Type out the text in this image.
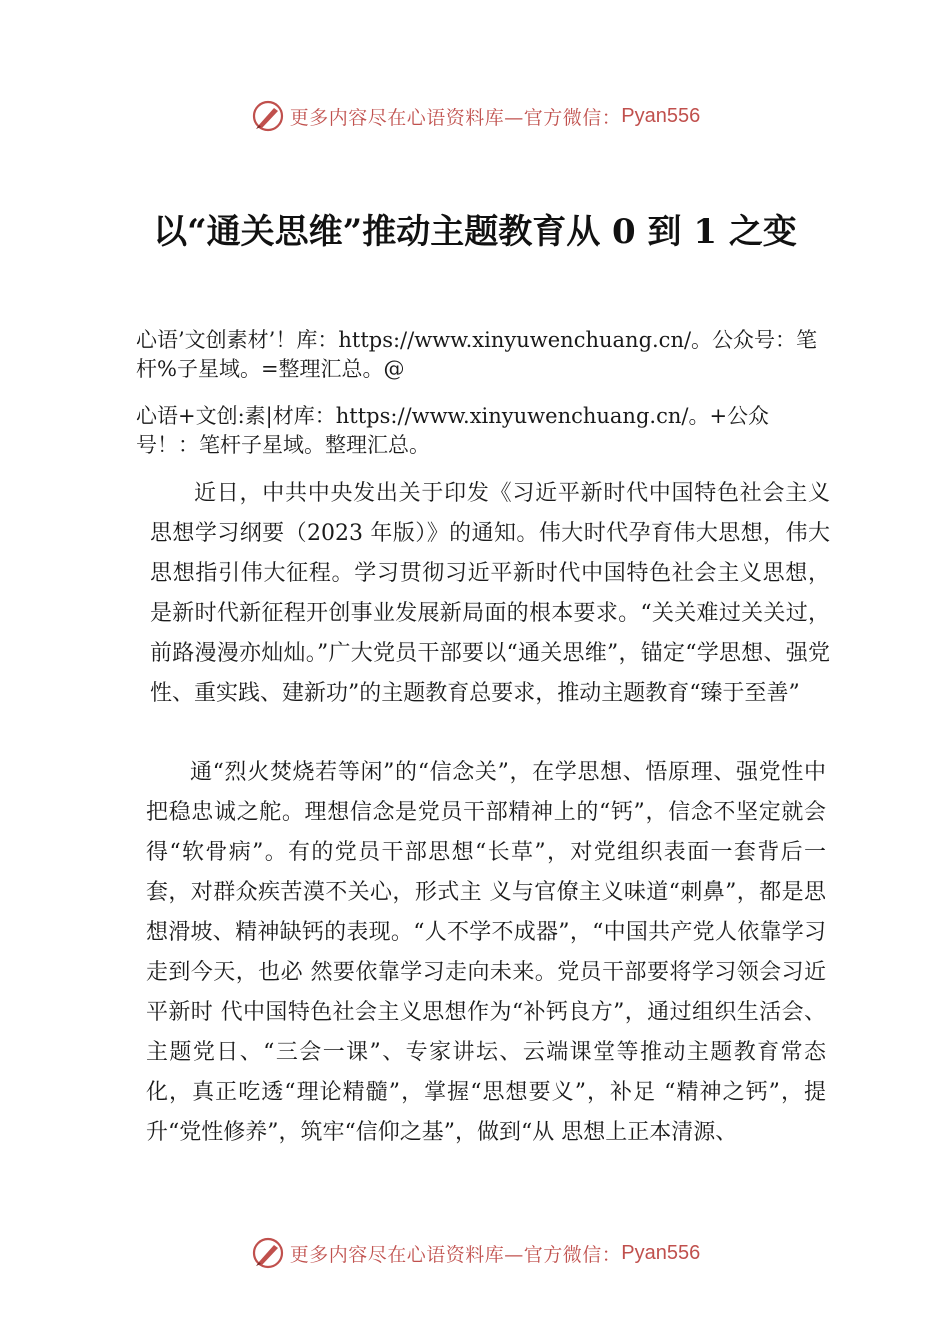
更多内容尽在心语资料库—官方微信： Pyan556
以“通关思维”推动主题教育从 0 到 1 之变
心语’文创素材’！库：https://www.xinyuwenchuang.cn/。公众号：笔杆%子星域。=整理汇总。@
心语+文创:素|材库：https://www.xinyuwenchuang.cn/。+公众号！：笔杆子星域。整理汇总。
近日，中共中央发出关于印发《习近平新时代中国特色社会主义思想学习纲要（2023 年版）》的通知。伟大时代孕育伟大思想，伟大思想指引伟大征程。学习贯彻习近平新时代中国特色社会主义思想，是新时代新征程开创事业发展新局面的根本要求。“关关难过关关过，前路漫漫亦灿灿。”广大党员干部要以“通关思维”，锚定“学思想、强党性、重实践、建新功”的主题教育总要求，推动主题教育“臻于至善”
通“烈火焚烧若等闲”的“信念关”，在学思想、悟原理、强党性中把稳忠诚之舵。理想信念是党员干部精神上的“钙”，信念不坚定就会得“软骨病”。有的党员干部思想“长草”，对党组织表面一套背后一套，对群众疾苦漠不关心，形式主 义与官僚主义味道“刺鼻”，都是思想滑坡、精神缺钙的表现。“人不学不成器”，“中国共产党人依靠学习走到今天，也必 然要依靠学习走向未来。党员干部要将学习领会习近平新时 代中国特色社会主义思想作为“补钙良方”，通过组织生活会、主题党日、“三会一课”、专家讲坛、云端课堂等推动主题教育常态化，真正吃透“理论精髓”，掌握“思想要义”，补足 “精神之钙”，提升“党性修养”，筑牢“信仰之基”，做到“从 思想上正本清源、
更多内容尽在心语资料库—官方微信： Pyan556
